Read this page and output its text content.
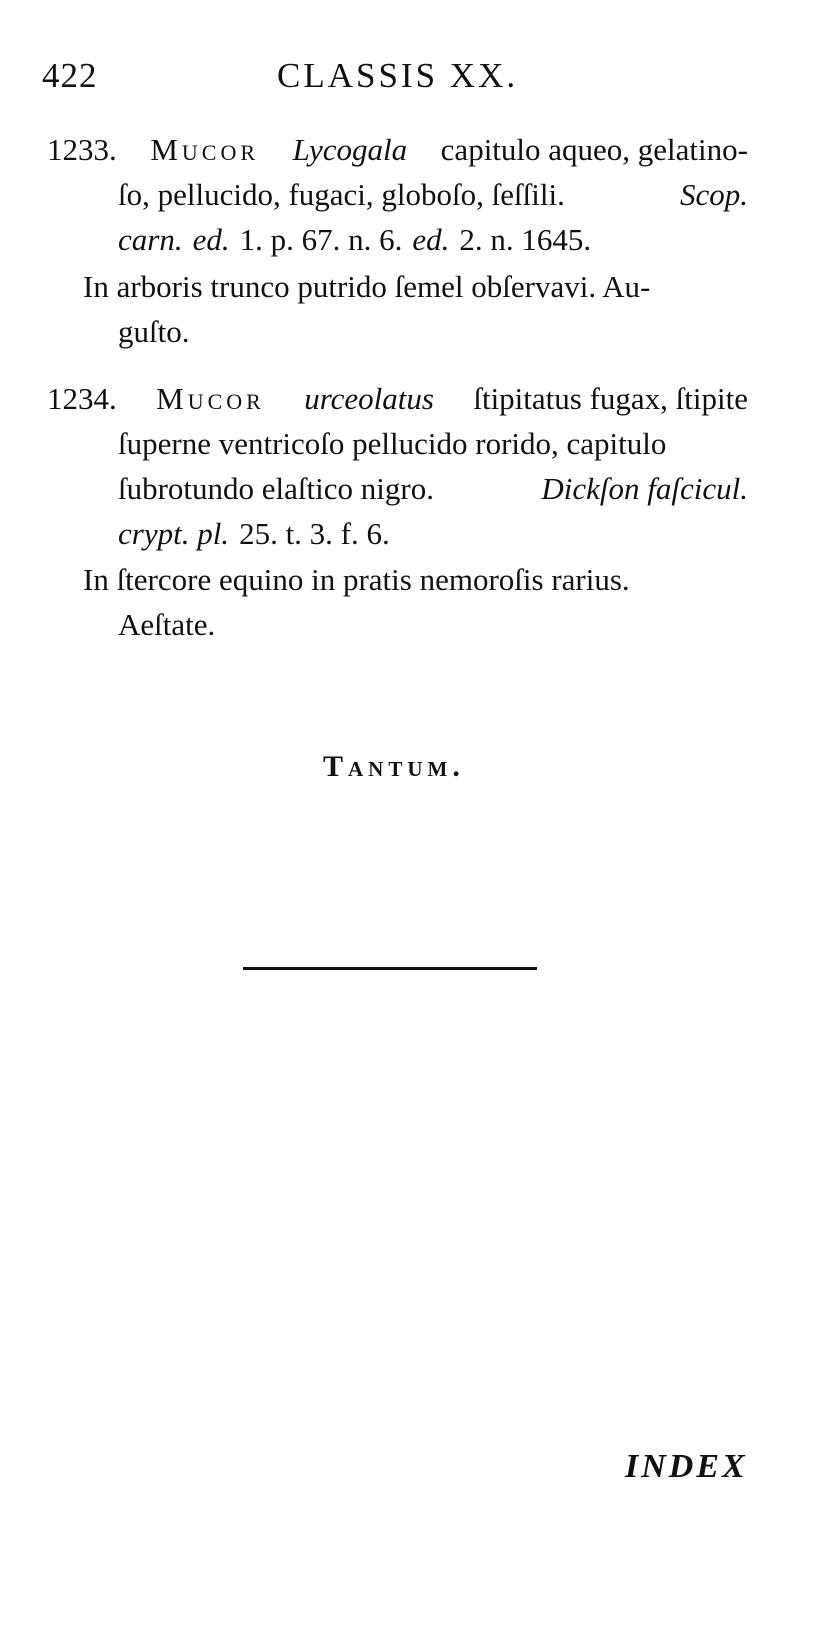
422	CLASSIS XX.
1233. Mucor Lycogala capitulo aqueo, gelatino-
ſo, pellucido, fugaci, globoſo, ſeſſili.	Scop.
carn. ed. 1. p. 67. n. 6. ed. 2. n. 1645.
In arboris trunco putrido ſemel obſervavi. Au-
guſto.
1234. Mucor urceolatus ſtipitatus fugax, ſtipite
ſuperne ventricoſo pellucido rorido, capitulo
ſubrotundo elaſtico nigro.	Dickſon faſcicul.
crypt. pl. 25. t. 3. f. 6.
In ſtercore equino in pratis nemoroſis rarius.
Aeſtate.
Tantum.
INDEX
